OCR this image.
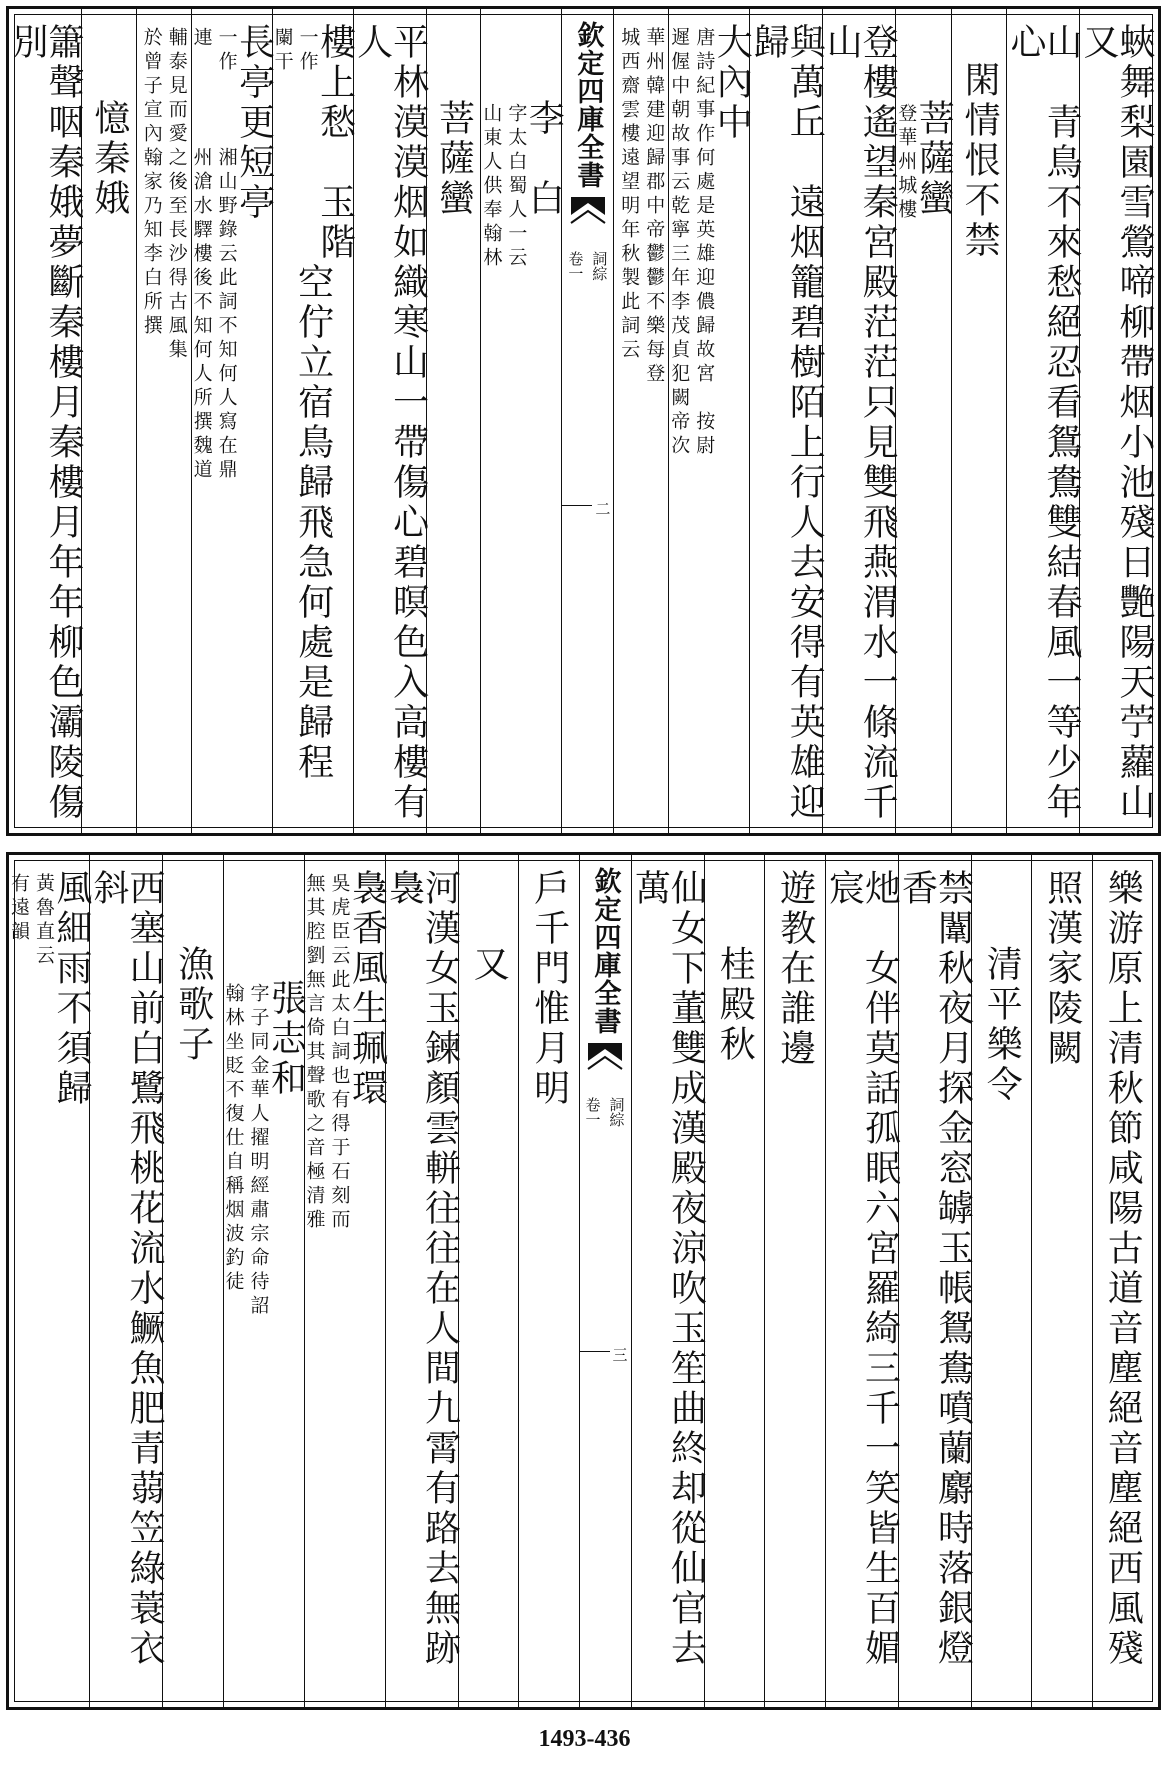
蛺舞梨園雪鶯啼柳帶烟小池殘日艷陽天苧蘿山又
山　青鳥不來愁絕忍看鴛鴦雙結春風一等少年心
閑情恨不禁
菩薩蠻
登華州城樓
登樓遙望秦宮殿茫茫只見雙飛燕渭水一條流千山
與萬丘　遠烟籠碧樹陌上行人去安得有英雄迎歸
大內中
唐詩紀事作何處是英雄迎儂歸故宮　按尉
遲偓中朝故事云乾寧三年李茂貞犯闕帝次
華州韓建迎歸郡中帝鬱鬱不樂每登
城西齋雲樓遠望明年秋製此詞云
欽定四庫全書
詞綜
卷一
二
李　白
字太白蜀人一云
山東人供奉翰林
菩薩蠻
平林漠漠烟如織寒山一帶傷心碧暝色入高樓有人
樓上愁　玉階
一作
闌干
空佇立宿鳥歸飛急何處是歸程
長亭更
一作
連
短亭
湘山野錄云此詞不知何人寫在鼎
州滄水驛樓後不知何人所撰魏道
輔泰見而愛之後至長沙得古風集
於曾子宣內翰家乃知李白所撰
憶秦娥
簫聲咽秦娥夢斷秦樓月秦樓月年年柳色灞陵傷別
樂游原上清秋節咸陽古道音塵絕音塵絕西風殘
照漢家陵闕
清平樂令
禁闈秋夜月探金窓罅玉帳鴛鴦噴蘭麝時落銀燈香
灺　女伴莫話孤眠六宮羅綺三千一笑皆生百媚宸
遊教在誰邊
桂殿秋
仙女下董雙成漢殿夜涼吹玉笙曲終却從仙官去萬
欽定四庫全書
詞綜
卷一
三
戶千門惟月明
又
河漢女玉鍊顏雲軿往往在人間九霄有路去無跡裊
裊香風生珮環
吳虎臣云此太白詞也有得于石刻而
無其腔劉無言倚其聲歌之音極清雅
張志和
字子同金華人擢明經肅宗命待詔
翰林坐貶不復仕自稱烟波釣徒
漁歌子
西塞山前白鷺飛桃花流水鱖魚肥青蒻笠綠蓑衣斜
風細雨不須歸
黃魯直云
有遠韻
1493-436
